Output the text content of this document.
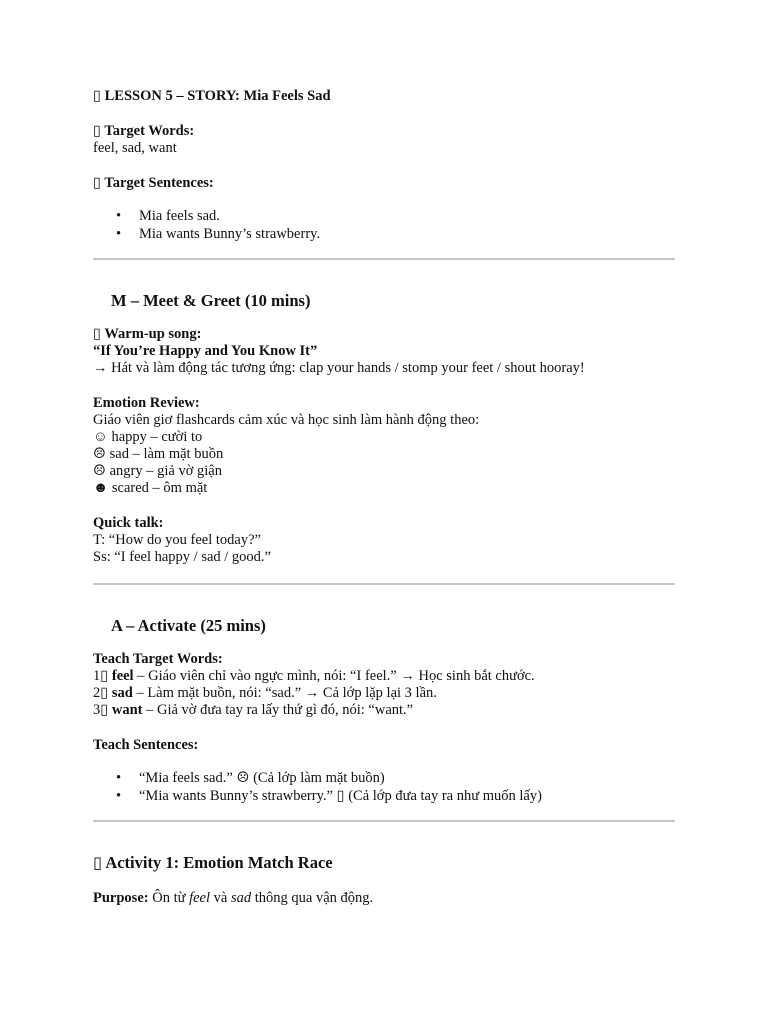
▯ LESSON 5 – STORY: Mia Feels Sad

▯ Target Words:

feel, sad, want

▯ Target Sentences:

• Mia feels sad.
• Mia wants Bunny’s strawberry.

M – Meet & Greet (10 mins)

▯ Warm-up song:

“If You’re Happy and You Know It”

→ Hát và làm động tác tương ứng: clap your hands / stomp your feet / shout hooray!

Emotion Review:

Giáo viên giơ flashcards cảm xúc và học sinh làm hành động theo:

☺ happy – cười to

☹ sad – làm mặt buồn

☹ angry – giả vờ giận

☻ scared – ôm mặt

Quick talk:

T: “How do you feel today?”

Ss: “I feel happy / sad / good.”

A – Activate (25 mins)

Teach Target Words:

1▯ feel – Giáo viên chỉ vào ngực mình, nói: “I feel.” → Học sinh bắt chước.

2▯ sad – Làm mặt buồn, nói: “sad.” → Cả lớp lặp lại 3 lần.

3▯ want – Giả vờ đưa tay ra lấy thứ gì đó, nói: “want.”

Teach Sentences:

• “Mia feels sad.” ☹ (Cả lớp làm mặt buồn)
• “Mia wants Bunny’s strawberry.” ▯ (Cả lớp đưa tay ra như muốn lấy)

▯ Activity 1: Emotion Match Race

Purpose: Ôn từ feel và sad thông qua vận động.
